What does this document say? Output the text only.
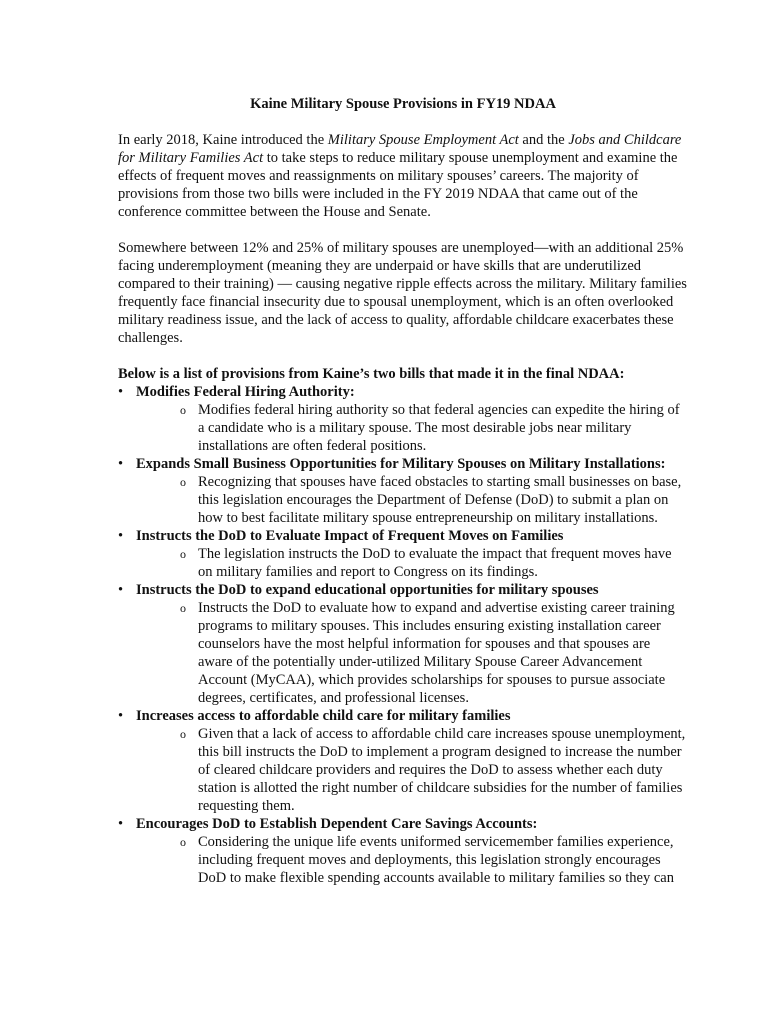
Kaine Military Spouse Provisions in FY19 NDAA

In early 2018, Kaine introduced the Military Spouse Employment Act and the Jobs and Childcare for Military Families Act to take steps to reduce military spouse unemployment and examine the effects of frequent moves and reassignments on military spouses’ careers. The majority of provisions from those two bills were included in the FY 2019 NDAA that came out of the conference committee between the House and Senate.

Somewhere between 12% and 25% of military spouses are unemployed—with an additional 25% facing underemployment (meaning they are underpaid or have skills that are underutilized compared to their training) — causing negative ripple effects across the military. Military families frequently face financial insecurity due to spousal unemployment, which is an often overlooked military readiness issue, and the lack of access to quality, affordable childcare exacerbates these challenges.

Below is a list of provisions from Kaine’s two bills that made it in the final NDAA:
• Modifies Federal Hiring Authority:
o Modifies federal hiring authority so that federal agencies can expedite the hiring of a candidate who is a military spouse. The most desirable jobs near military installations are often federal positions.
• Expands Small Business Opportunities for Military Spouses on Military Installations:
o Recognizing that spouses have faced obstacles to starting small businesses on base, this legislation encourages the Department of Defense (DoD) to submit a plan on how to best facilitate military spouse entrepreneurship on military installations.
• Instructs the DoD to Evaluate Impact of Frequent Moves on Families
o The legislation instructs the DoD to evaluate the impact that frequent moves have on military families and report to Congress on its findings.
• Instructs the DoD to expand educational opportunities for military spouses
o Instructs the DoD to evaluate how to expand and advertise existing career training programs to military spouses. This includes ensuring existing installation career counselors have the most helpful information for spouses and that spouses are aware of the potentially under-utilized Military Spouse Career Advancement Account (MyCAA), which provides scholarships for spouses to pursue associate degrees, certificates, and professional licenses.
• Increases access to affordable child care for military families
o Given that a lack of access to affordable child care increases spouse unemployment, this bill instructs the DoD to implement a program designed to increase the number of cleared childcare providers and requires the DoD to assess whether each duty station is allotted the right number of childcare subsidies for the number of families requesting them.
• Encourages DoD to Establish Dependent Care Savings Accounts:
o Considering the unique life events uniformed servicemember families experience, including frequent moves and deployments, this legislation strongly encourages DoD to make flexible spending accounts available to military families so they can
